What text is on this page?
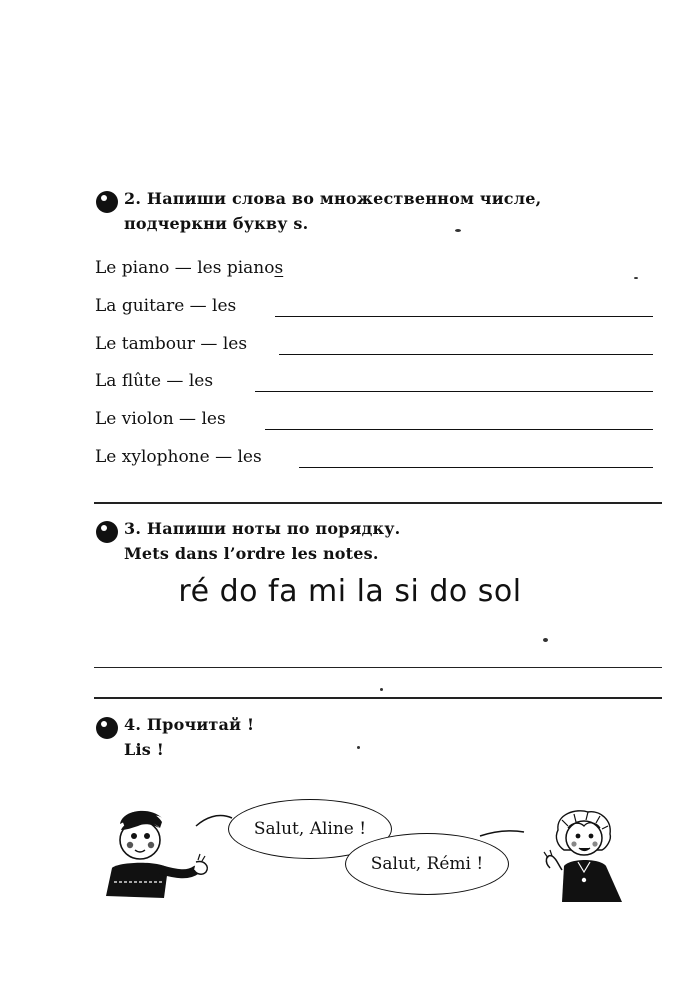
2. Напиши слова во множественном числе,
подчеркни букву s.
Le piano — les pianos
La guitare — les
Le tambour — les
La flûte — les
Le violon — les
Le xylophone — les
3. Напиши ноты по порядку.
Mets dans l’ordre les notes.
ré do fa mi la si do sol
4. Прочитай !
Lis !
Salut, Aline !
Salut, Rémi !
